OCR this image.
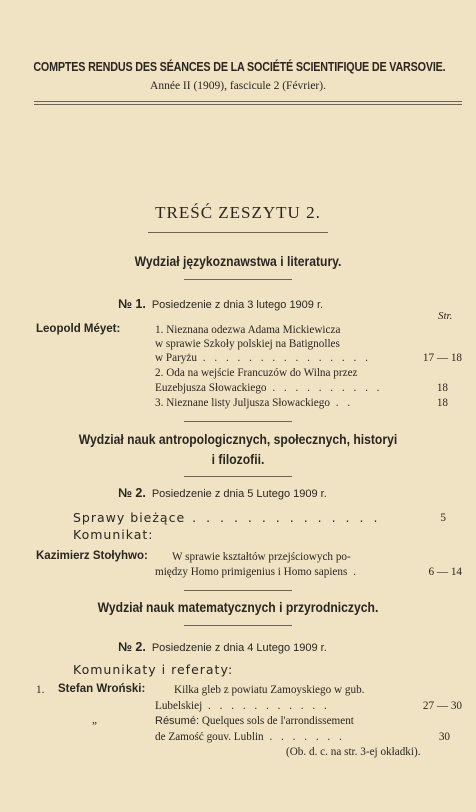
COMPTES RENDUS DES SÉANCES DE LA SOCIÉTÉ SCIENTIFIQUE DE VARSOVIE.
Année II (1909), fascicule 2 (Février).
TREŚĆ ZESZYTU 2.
Wydział językoznawstwa i literatury.
№ 1. Posiedzenie z dnia 3 lutego 1909 r.
Str.
Leopold Méyet:	1. Nieznana odezwa Adama Mickiewicza
w sprawie Szkoły polskiej na Batignolles
w Paryżu . . . . . . . . . . . . . . .	17 — 18
2. Oda na wejście Francuzów do Wilna przez
Euzebjusza Słowackiego . . . . . . . . . .	18
3. Nieznane listy Juljusza Słowackiego . .	18
Wydział nauk antropologicznych, społecznych, historyi
i filozofii.
№ 2. Posiedzenie z dnia 5 Lutego 1909 r.
Sprawy bieżące . . . . . . . . . . . . . .	5
Komunikat:
Kazimierz Stołyhwo: W sprawie kształtów przejściowych po-
między Homo primigenius i Homo sapiens .	6 — 14
Wydział nauk matematycznych i przyrodniczych.
№ 2. Posiedzenie z dnia 4 Lutego 1909 r.
Komunikaty i referaty:
1. Stefan Wroński:	Kilka gleb z powiatu Zamoyskiego w gub.
Lubelskiej . . . . . . . . . . .	27 — 30
„	Résumé: Quelques sols de l'arrondissement
de Zamość gouv. Lublin . . . . . . .	30
(Ob. d. c. na str. 3-ej okładki).
